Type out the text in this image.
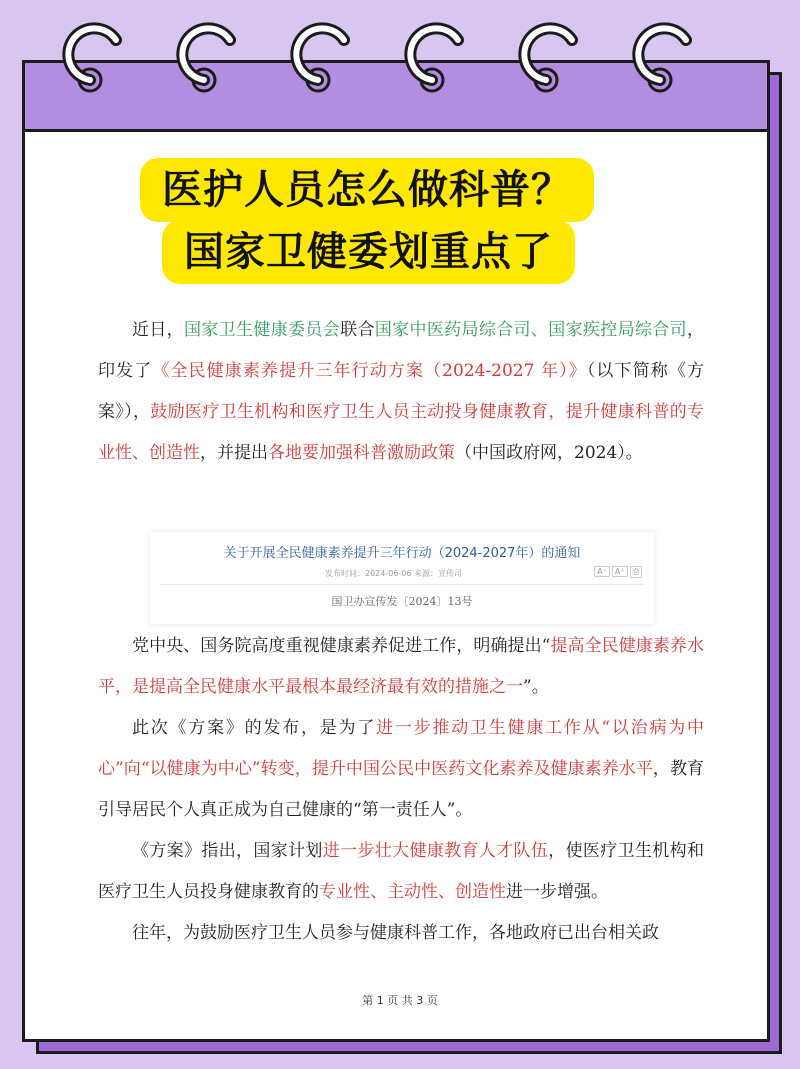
医护人员怎么做科普？
国家卫健委划重点了

近日，国家卫生健康委员会联合国家中医药局综合司、国家疾控局综合司，印发了《全民健康素养提升三年行动方案（2024-2027 年）》（以下简称《方案》），鼓励医疗卫生机构和医疗卫生人员主动投身健康教育，提升健康科普的专业性、创造性，并提出各地要加强科普激励政策（中国政府网，2024）。

关于开展全民健康素养提升三年行动（2024-2027年）的通知
发布时间：2024-06-06 来源：宣传司	A⁻ A⁺ ⎙
国卫办宣传发〔2024〕13号

党中央、国务院高度重视健康素养促进工作，明确提出“提高全民健康素养水平，是提高全民健康水平最根本最经济最有效的措施之一”。

此次《方案》的发布，是为了进一步推动卫生健康工作从“以治病为中心”向“以健康为中心”转变，提升中国公民中医药文化素养及健康素养水平，教育引导居民个人真正成为自己健康的“第一责任人”。

《方案》指出，国家计划进一步壮大健康教育人才队伍，使医疗卫生机构和医疗卫生人员投身健康教育的专业性、主动性、创造性进一步增强。

往年，为鼓励医疗卫生人员参与健康科普工作，各地政府已出台相关政

第 1 页 共 3 页
